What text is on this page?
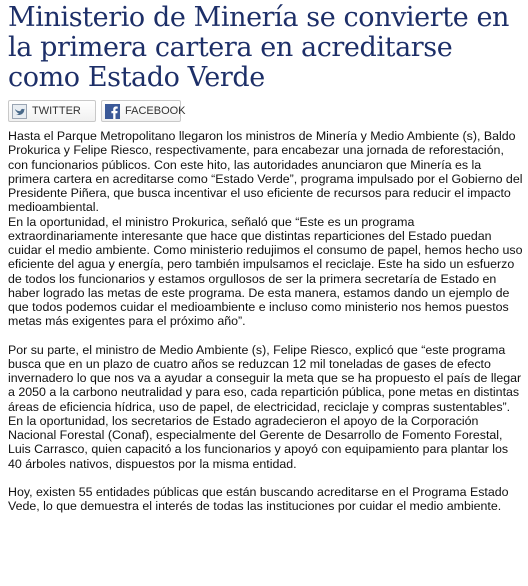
Ministerio de Minería se convierte en la primera cartera en acreditarse como Estado Verde
TWITTER	FACEBOOK

Hasta el Parque Metropolitano llegaron los ministros de Minería y Medio Ambiente (s), Baldo Prokurica y Felipe Riesco, respectivamente, para encabezar una jornada de reforestación, con funcionarios públicos. Con este hito, las autoridades anunciaron que Minería es la primera cartera en acreditarse como “Estado Verde”, programa impulsado por el Gobierno del Presidente Piñera, que busca incentivar el uso eficiente de recursos para reducir el impacto medioambiental.

En la oportunidad, el ministro Prokurica, señaló que “Este es un programa extraordinariamente interesante que hace que distintas reparticiones del Estado puedan cuidar el medio ambiente. Como ministerio redujimos el consumo de papel, hemos hecho uso eficiente del agua y energía, pero también impulsamos el reciclaje. Este ha sido un esfuerzo de todos los funcionarios y estamos orgullosos de ser la primera secretaría de Estado en haber logrado las metas de este programa. De esta manera, estamos dando un ejemplo de que todos podemos cuidar el medioambiente e incluso como ministerio nos hemos puestos metas más exigentes para el próximo año”.

Por su parte, el ministro de Medio Ambiente (s), Felipe Riesco, explicó que “este programa busca que en un plazo de cuatro años se reduzcan 12 mil toneladas de gases de efecto invernadero lo que nos va a ayudar a conseguir la meta que se ha propuesto el país de llegar a 2050 a la carbono neutralidad y para eso, cada repartición pública, pone metas en distintas áreas de eficiencia hídrica, uso de papel, de electricidad, reciclaje y compras sustentables”.

En la oportunidad, los secretarios de Estado agradecieron el apoyo de la Corporación Nacional Forestal (Conaf), especialmente del Gerente de Desarrollo de Fomento Forestal, Luis Carrasco, quien capacitó a los funcionarios y apoyó con equipamiento para plantar los 40 árboles nativos, dispuestos por la misma entidad.

Hoy, existen 55 entidades públicas que están buscando acreditarse en el Programa Estado Vede, lo que demuestra el interés de todas las instituciones por cuidar el medio ambiente.
